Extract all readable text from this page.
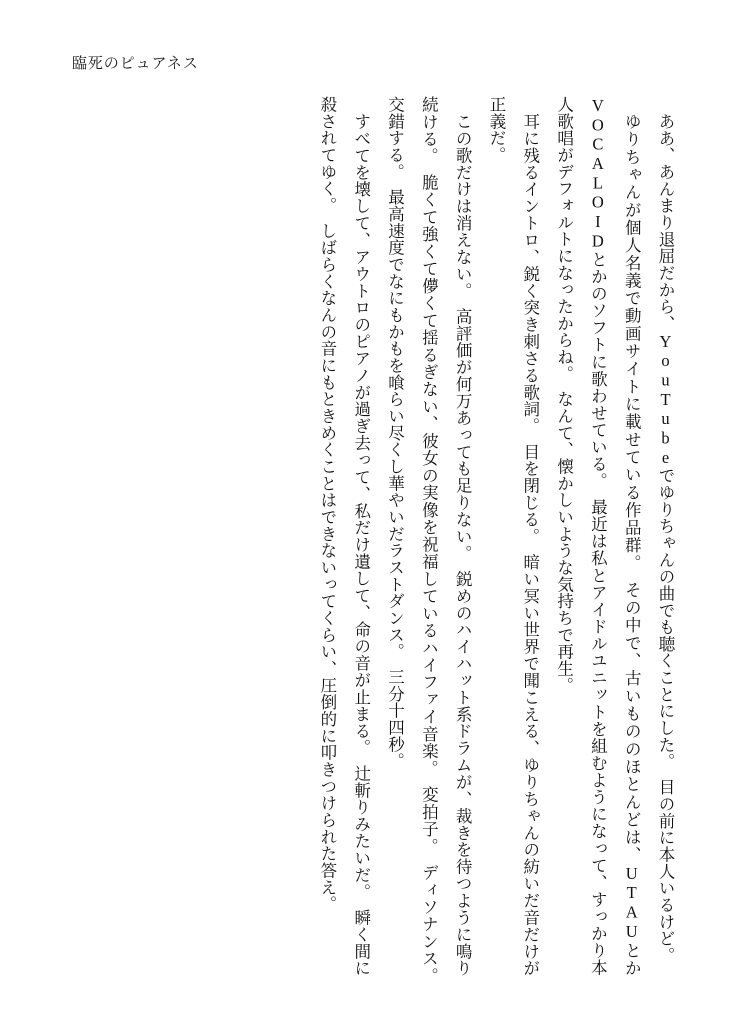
臨死のピュアネス

ああ、あんまり退屈だから、YouTubeでゆりちゃんの曲でも聴くことにした。　目の前に本人いるけど。

ゆりちゃんが個人名義で動画サイトに載せている作品群。　その中で、古いもののほとんどは、UTAUとかVOCALOIDとかのソフトに歌わせている。　最近は私とアイドルユニットを組むようになって、すっかり本人歌唱がデフォルトになったからね。　なんて、懐かしいような気持ちで再生。

耳に残るイントロ、鋭く突き刺さる歌詞。　目を閉じる。　暗い冥い世界で聞こえる、ゆりちゃんの紡いだ音だけが正義だ。

この歌だけは消えない。　高評価が何万あっても足りない。　鋭めのハイハット系ドラムが、裁きを待つように鳴り続ける。　脆くて強くて儚くて揺るぎない、彼女の実像を祝福しているハイファイ音楽。　変拍子。　ディソナンス。　交錯する。　最高速度でなにもかもを喰らい尽くし華やいだラストダンス。　三分十四秒。

すべてを壊して、アウトロのピアノが過ぎ去って、私だけ遺して、命の音が止まる。　辻斬りみたいだ。　瞬く間に殺されてゆく。　しばらくなんの音にもときめくことはできないってくらい、圧倒的に叩きつけられた答え。
